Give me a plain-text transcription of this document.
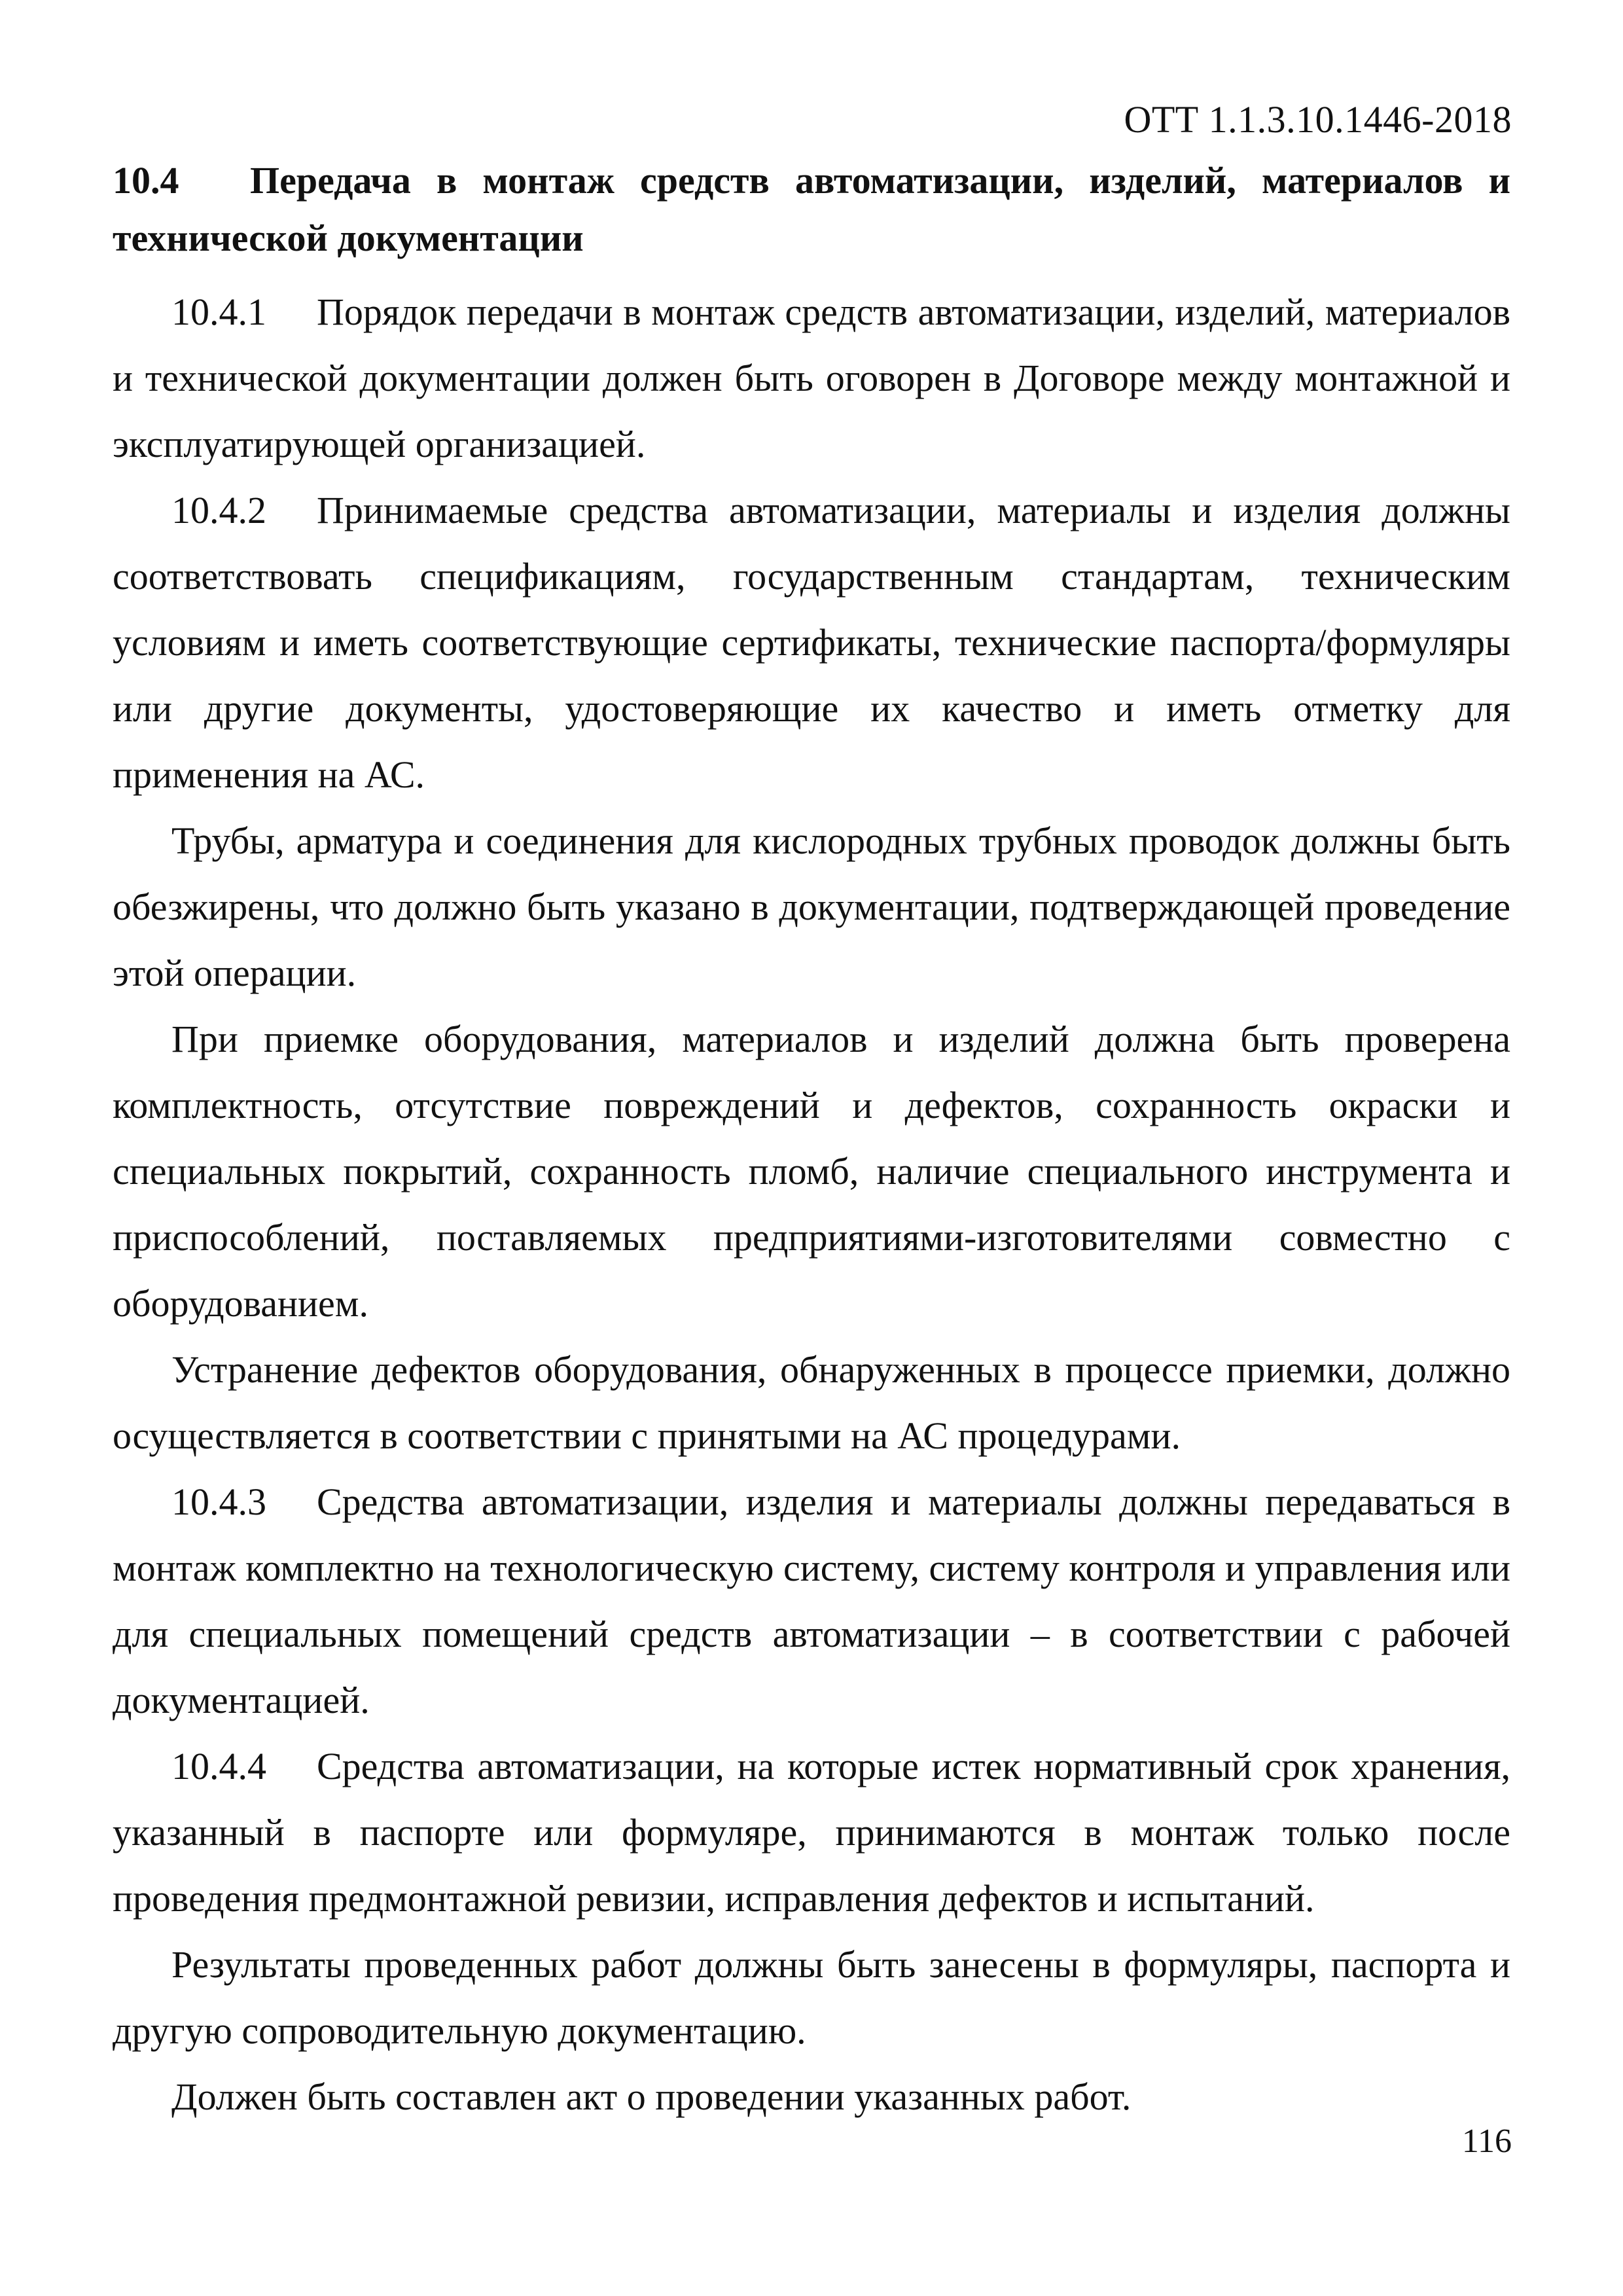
ОТТ 1.1.3.10.1446-2018

10.4 Передача в монтаж средств автоматизации, изделий, материалов и технической документации

10.4.1 Порядок передачи в монтаж средств автоматизации, изделий, материалов и технической документации должен быть оговорен в Договоре между монтажной и эксплуатирующей организацией.

10.4.2 Принимаемые средства автоматизации, материалы и изделия должны соответствовать спецификациям, государственным стандартам, техническим условиям и иметь соответствующие сертификаты, технические паспорта/формуляры или другие документы, удостоверяющие их качество и иметь отметку для применения на АС.

Трубы, арматура и соединения для кислородных трубных проводок должны быть обезжирены, что должно быть указано в документации, подтверждающей проведение этой операции.

При приемке оборудования, материалов и изделий должна быть проверена комплектность, отсутствие повреждений и дефектов, сохранность окраски и специальных покрытий, сохранность пломб, наличие специального инструмента и приспособлений, поставляемых предприятиями-изготовителями совместно с оборудованием.

Устранение дефектов оборудования, обнаруженных в процессе приемки, должно осуществляется в соответствии с принятыми на АС процедурами.

10.4.3 Средства автоматизации, изделия и материалы должны передаваться в монтаж комплектно на технологическую систему, систему контроля и управления или для специальных помещений средств автоматизации – в соответствии с рабочей документацией.

10.4.4 Средства автоматизации, на которые истек нормативный срок хранения, указанный в паспорте или формуляре, принимаются в монтаж только после проведения предмонтажной ревизии, исправления дефектов и испытаний.

Результаты проведенных работ должны быть занесены в формуляры, паспорта и другую сопроводительную документацию.

Должен быть составлен акт о проведении указанных работ.

116
